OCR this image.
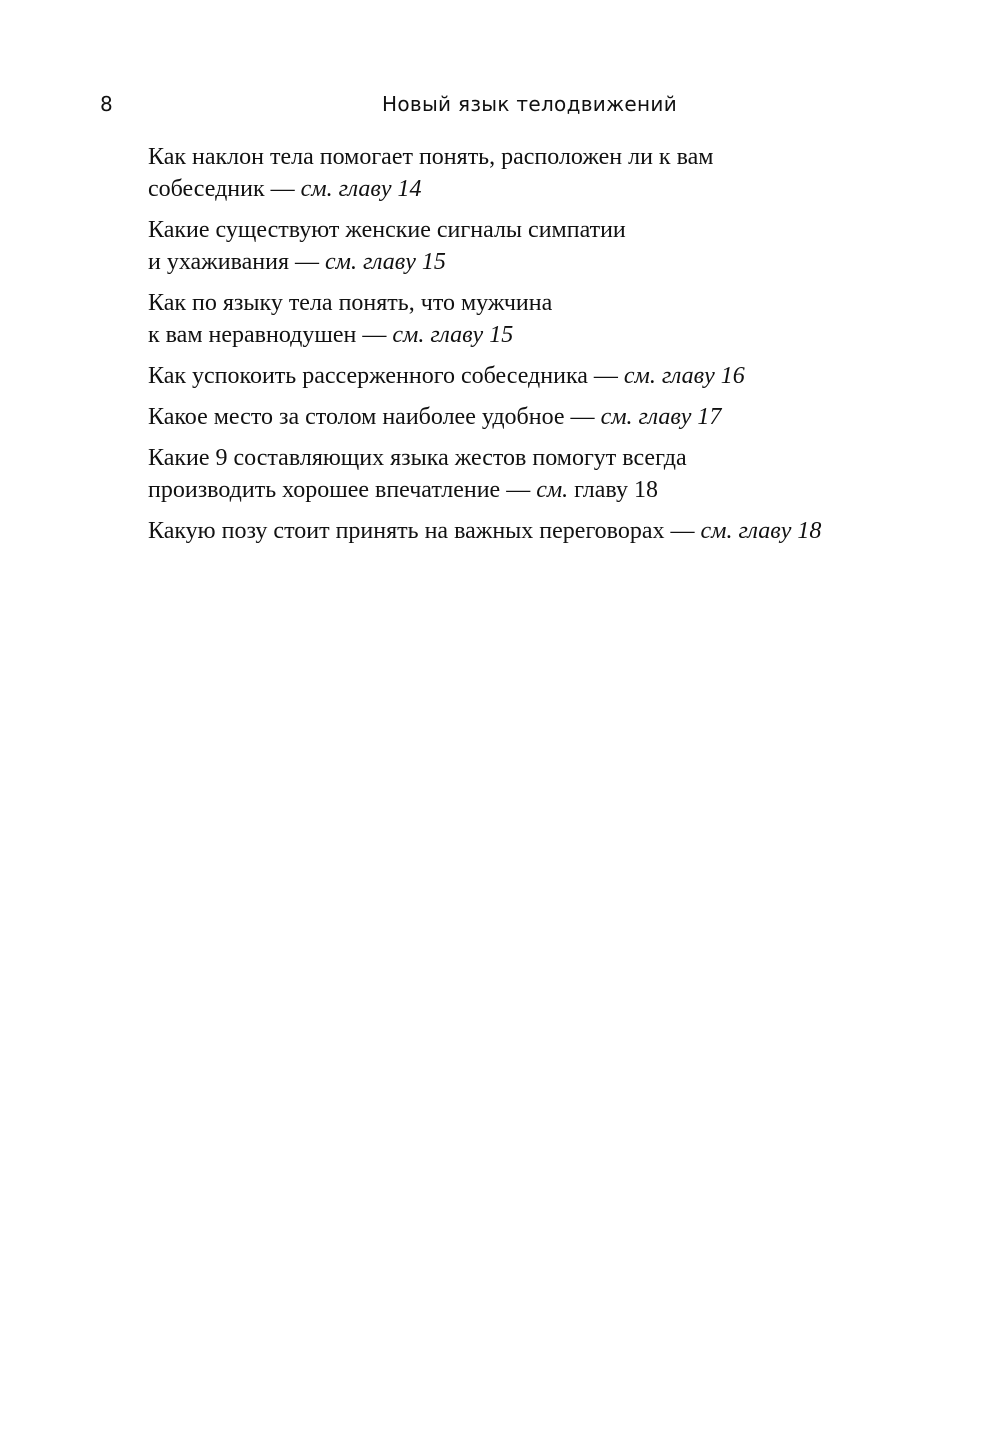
8	Новый язык телодвижений

Как наклон тела помогает понять, расположен ли к вам
собеседник — см. главу 14

Какие существуют женские сигналы симпатии
и ухаживания — см. главу 15

Как по языку тела понять, что мужчина
к вам неравнодушен — см. главу 15

Как успокоить рассерженного собеседника — см. главу 16

Какое место за столом наиболее удобное — см. главу 17

Какие 9 составляющих языка жестов помогут всегда
производить хорошее впечатление — см. главу 18

Какую позу стоит принять на важных переговорах — см. главу 18
